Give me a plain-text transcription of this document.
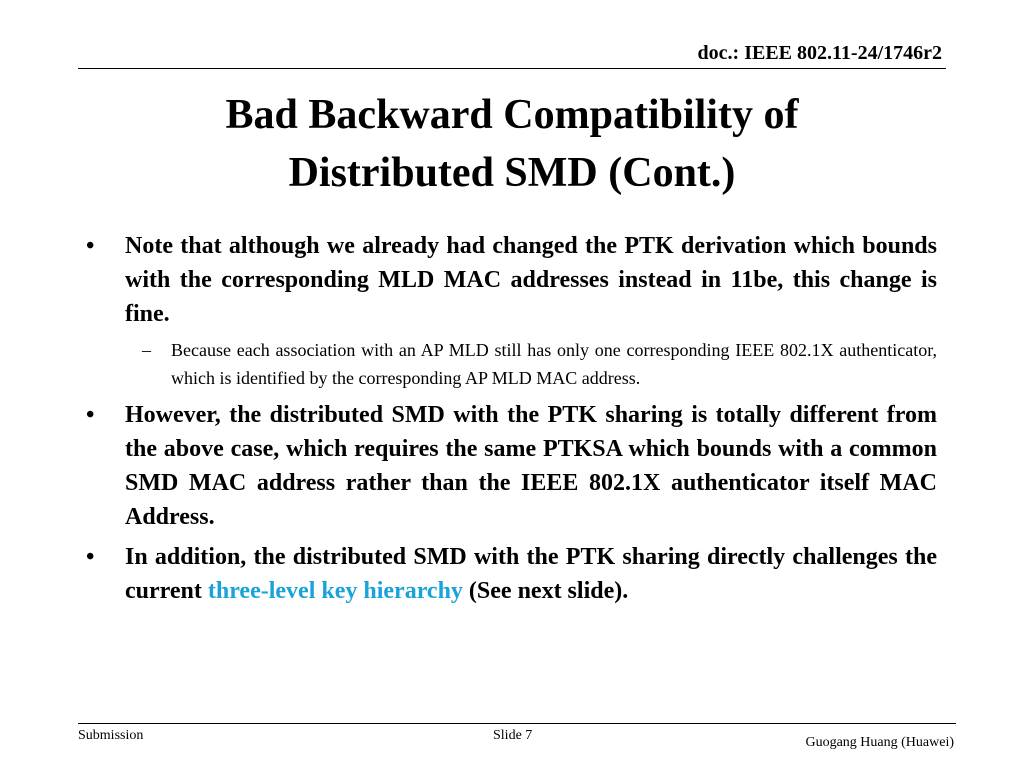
doc.: IEEE 802.11-24/1746r2
Bad Backward Compatibility of
Distributed SMD (Cont.)
• Note that although we already had changed the PTK derivation which bounds with the corresponding MLD MAC addresses instead in 11be, this change is fine.
– Because each association with an AP MLD still has only one corresponding IEEE 802.1X authenticator, which is identified by the corresponding AP MLD MAC address.
• However, the distributed SMD with the PTK sharing is totally different from the above case, which requires the same PTKSA which bounds with a common SMD MAC address rather than the IEEE 802.1X authenticator itself MAC Address.
• In addition, the distributed SMD with the PTK sharing directly challenges the current three-level key hierarchy (See next slide).
Submission	Slide 7	Guogang Huang (Huawei)
